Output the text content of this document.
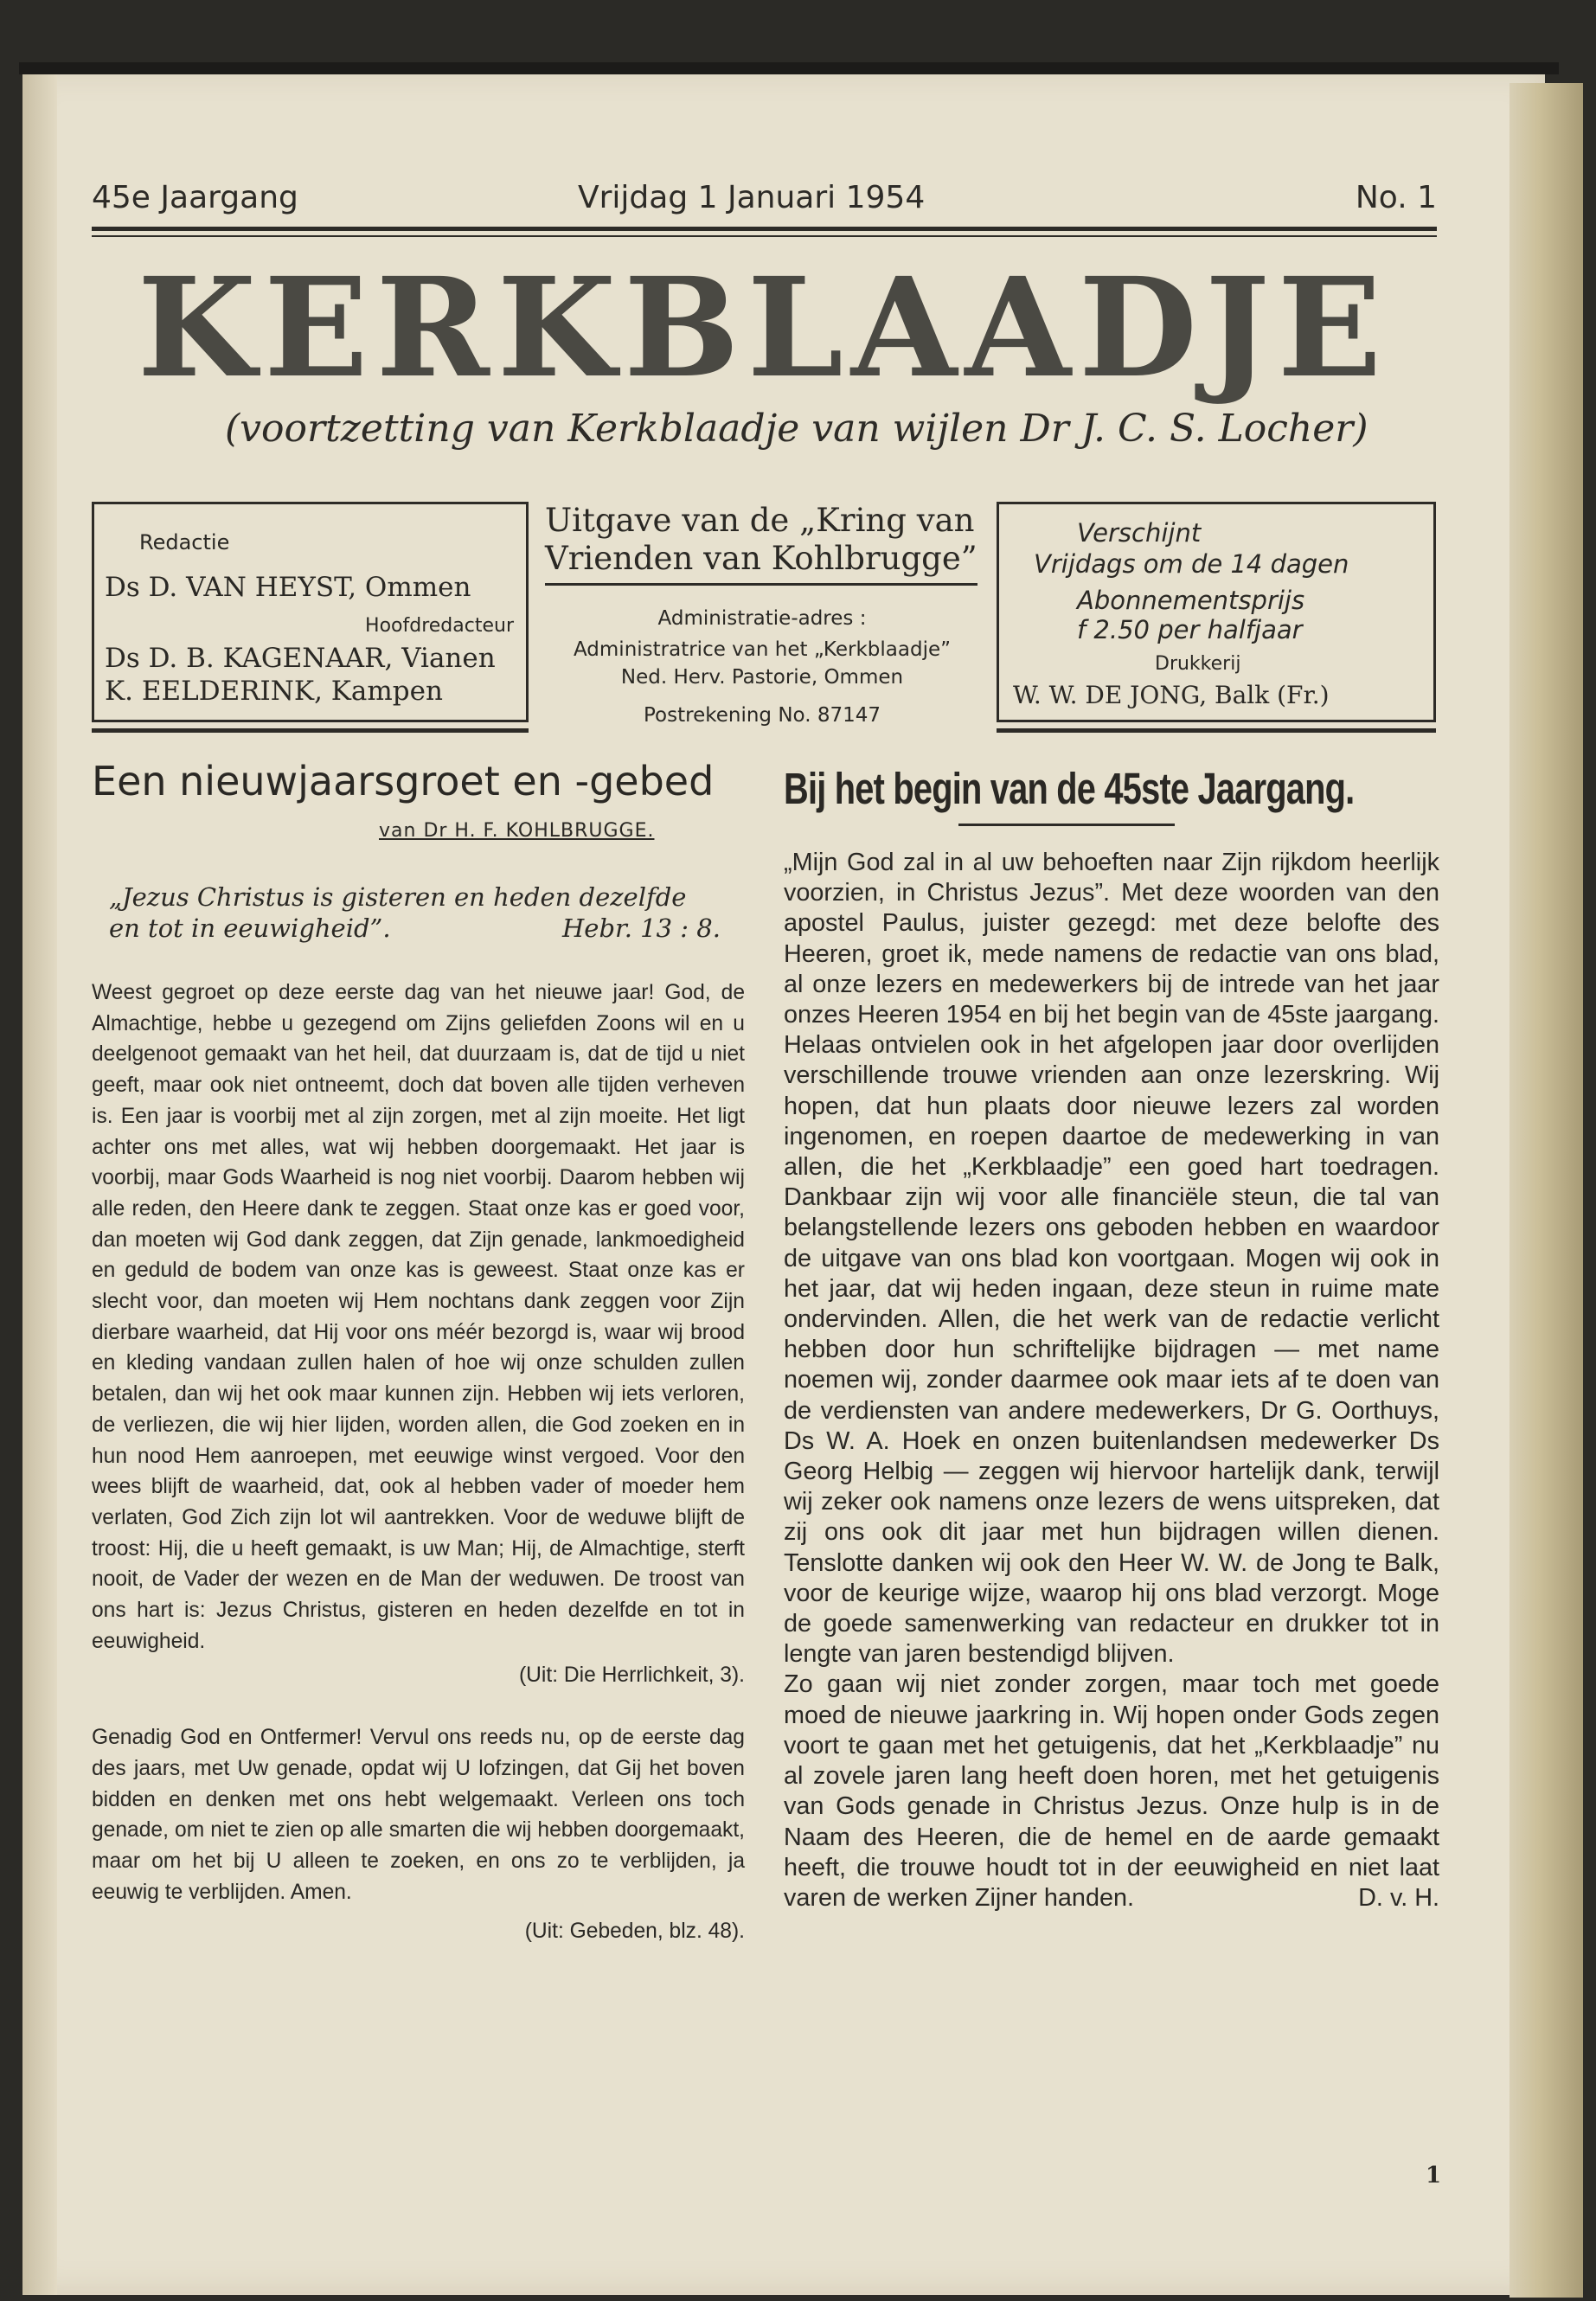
45e Jaargang	Vrijdag 1 Januari 1954	No. 1
KERKBLAADJE
(voortzetting van Kerkblaadje van wijlen Dr J. C. S. Locher)
Redactie
Ds D. VAN HEYST, Ommen
Hoofdredacteur
Ds D. B. KAGENAAR, Vianen
K. EELDERINK, Kampen
Uitgave van de „Kring van
Vrienden van Kohlbrugge”
Administratie-adres :
Administratrice van het „Kerkblaadje”
Ned. Herv. Pastorie, Ommen
Postrekening No. 87147
Verschijnt
Vrijdags om de 14 dagen
Abonnementsprijs
f 2.50 per halfjaar
Drukkerij
W. W. DE JONG, Balk (Fr.)
Een nieuwjaarsgroet en -gebed
van Dr H. F. KOHLBRUGGE.
„Jezus Christus is gisteren en heden dezelfde
en tot in eeuwigheid”.	Hebr. 13 : 8.

Weest gegroet op deze eerste dag van het nieuwe jaar! God, de Almachtige, hebbe u gezegend om Zijns geliefden Zoons wil en u deelgenoot gemaakt van het heil, dat duurzaam is, dat de tijd u niet geeft, maar ook niet ontneemt, doch dat boven alle tijden verheven is. Een jaar is voorbij met al zijn zorgen, met al zijn moeite. Het ligt achter ons met alles, wat wij hebben doorgemaakt. Het jaar is voorbij, maar Gods Waarheid is nog niet voorbij. Daarom hebben wij alle reden, den Heere dank te zeggen. Staat onze kas er goed voor, dan moeten wij God dank zeggen, dat Zijn genade, lankmoedigheid en geduld de bodem van onze kas is geweest. Staat onze kas er slecht voor, dan moeten wij Hem nochtans dank zeggen voor Zijn dierbare waarheid, dat Hij voor ons méér bezorgd is, waar wij brood en kleding vandaan zullen halen of hoe wij onze schulden zullen betalen, dan wij het ook maar kunnen zijn. Hebben wij iets verloren, de verliezen, die wij hier lijden, worden allen, die God zoeken en in hun nood Hem aanroepen, met eeuwige winst vergoed. Voor den wees blijft de waarheid, dat, ook al hebben vader of moeder hem verlaten, God Zich zijn lot wil aantrekken. Voor de weduwe blijft de troost: Hij, die u heeft gemaakt, is uw Man; Hij, de Almachtige, sterft nooit, de Vader der wezen en de Man der weduwen. De troost van ons hart is: Jezus Christus, gisteren en heden dezelfde en tot in eeuwigheid.

(Uit: Die Herrlichkeit, 3).

Genadig God en Ontfermer! Vervul ons reeds nu, op de eerste dag des jaars, met Uw genade, opdat wij U lofzingen, dat Gij het boven bidden en denken met ons hebt welgemaakt. Verleen ons toch genade, om niet te zien op alle smarten die wij hebben doorgemaakt, maar om het bij U alleen te zoeken, en ons zo te verblijden, ja eeuwig te verblijden. Amen.

(Uit: Gebeden, blz. 48).

Bij het begin van de 45ste Jaargang.

„Mijn God zal in al uw behoeften naar Zijn rijkdom heerlijk voorzien, in Christus Jezus”. Met deze woorden van den apostel Paulus, juister gezegd: met deze belofte des Heeren, groet ik, mede namens de redactie van ons blad, al onze lezers en medewerkers bij de intrede van het jaar onzes Heeren 1954 en bij het begin van de 45ste jaargang. Helaas ontvielen ook in het afgelopen jaar door overlijden verschillende trouwe vrienden aan onze lezerskring. Wij hopen, dat hun plaats door nieuwe lezers zal worden ingenomen, en roepen daartoe de medewerking in van allen, die het „Kerkblaadje” een goed hart toedragen. Dankbaar zijn wij voor alle financiële steun, die tal van belangstellende lezers ons geboden hebben en waardoor de uitgave van ons blad kon voortgaan. Mogen wij ook in het jaar, dat wij heden ingaan, deze steun in ruime mate ondervinden. Allen, die het werk van de redactie verlicht hebben door hun schriftelijke bijdragen — met name noemen wij, zonder daarmee ook maar iets af te doen van de verdiensten van andere medewerkers, Dr G. Oorthuys, Ds W. A. Hoek en onzen buitenlandsen medewerker Ds Georg Helbig — zeggen wij hiervoor hartelijk dank, terwijl wij zeker ook namens onze lezers de wens uitspreken, dat zij ons ook dit jaar met hun bijdragen willen dienen. Tenslotte danken wij ook den Heer W. W. de Jong te Balk, voor de keurige wijze, waarop hij ons blad verzorgt. Moge de goede samenwerking van redacteur en drukker tot in lengte van jaren bestendigd blijven.

Zo gaan wij niet zonder zorgen, maar toch met goede moed de nieuwe jaarkring in. Wij hopen onder Gods zegen voort te gaan met het getuigenis, dat het „Kerkblaadje” nu al zovele jaren lang heeft doen horen, met het getuigenis van Gods genade in Christus Jezus. Onze hulp is in de Naam des Heeren, die de hemel en de aarde gemaakt heeft, die trouwe houdt tot in der eeuwigheid en niet laat varen de werken Zijner handen.	D. v. H.

1
